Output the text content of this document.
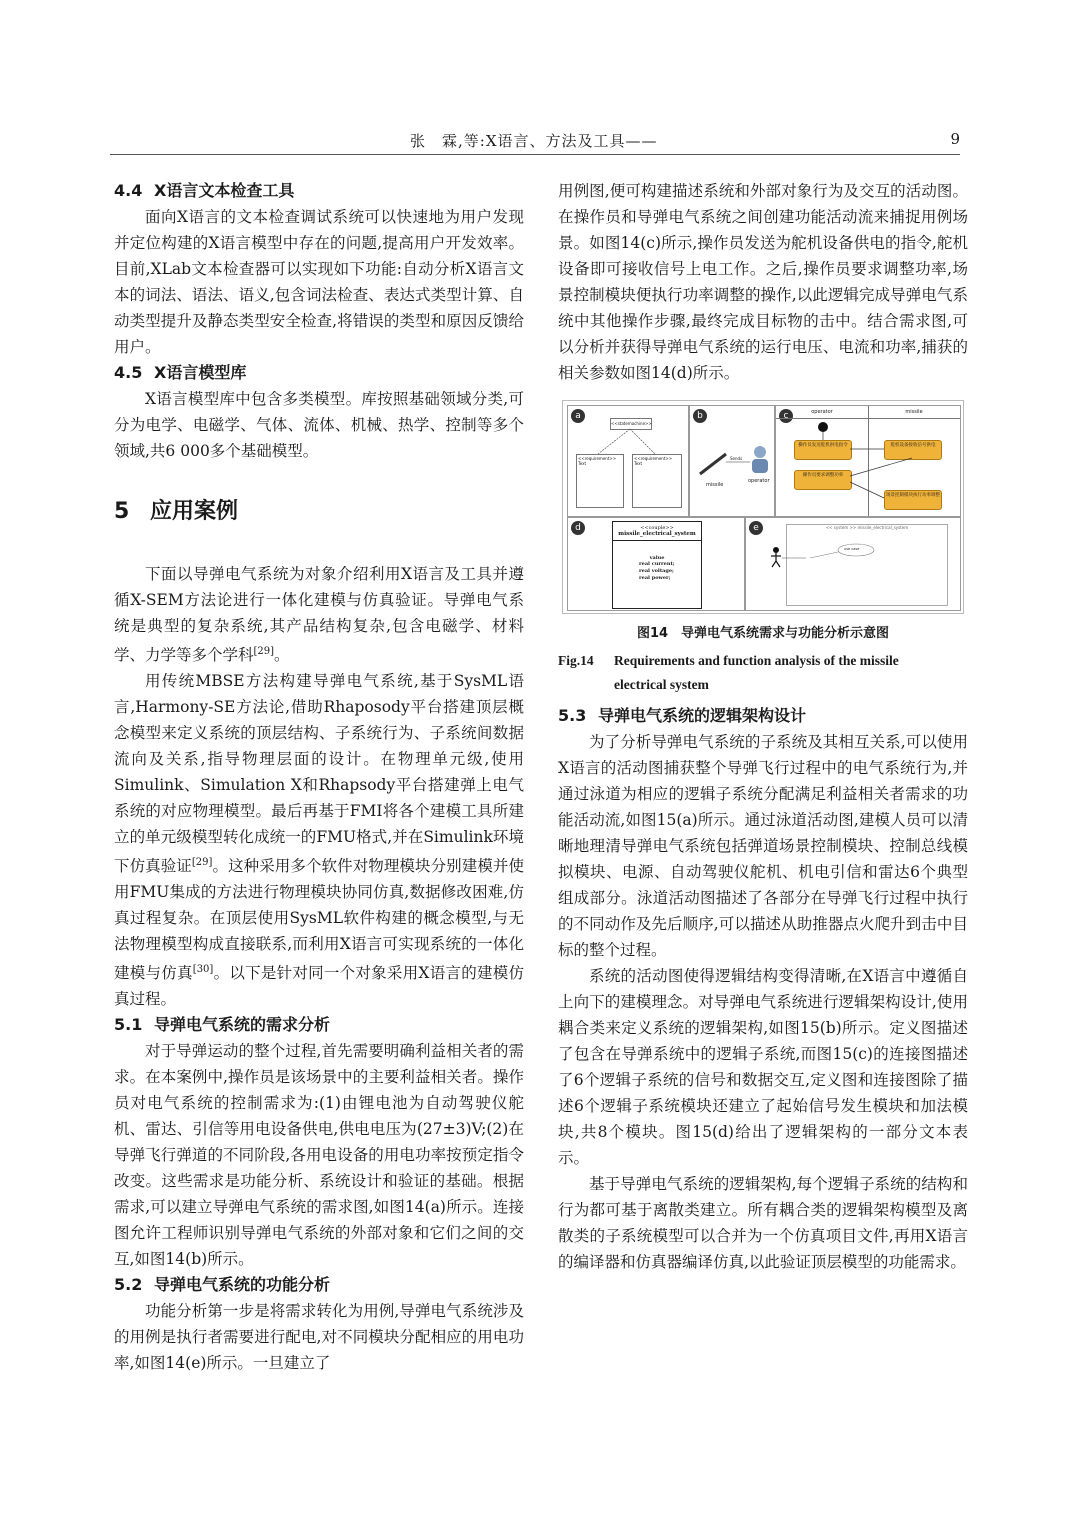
张　霖,等:X语言、方法及工具——	9

4.4 X语言文本检查工具

面向X语言的文本检查调试系统可以快速地为用户发现并定位构建的X语言模型中存在的问题,提高用户开发效率。目前,XLab文本检查器可以实现如下功能:自动分析X语言文本的词法、语法、语义,包含词法检查、表达式类型计算、自动类型提升及静态类型安全检查,将错误的类型和原因反馈给用户。

4.5 X语言模型库

X语言模型库中包含多类模型。库按照基础领域分类,可分为电学、电磁学、气体、流体、机械、热学、控制等多个领域,共6 000多个基础模型。

5 应用案例

下面以导弹电气系统为对象介绍利用X语言及工具并遵循X-SEM方法论进行一体化建模与仿真验证。导弹电气系统是典型的复杂系统,其产品结构复杂,包含电磁学、材料学、力学等多个学科[29]。

用传统MBSE方法构建导弹电气系统,基于SysML语言,Harmony-SE方法论,借助Rhaposody平台搭建顶层概念模型来定义系统的顶层结构、子系统行为、子系统间数据流向及关系,指导物理层面的设计。在物理单元级,使用Simulink、Simulation X和Rhapsody平台搭建弹上电气系统的对应物理模型。最后再基于FMI将各个建模工具所建立的单元级模型转化成统一的FMU格式,并在Simulink环境下仿真验证[29]。这种采用多个软件对物理模块分别建模并使用FMU集成的方法进行物理模块协同仿真,数据修改困难,仿真过程复杂。在顶层使用SysML软件构建的概念模型,与无法物理模型构成直接联系,而利用X语言可实现系统的一体化建模与仿真[30]。以下是针对同一个对象采用X语言的建模仿真过程。

5.1 导弹电气系统的需求分析

对于导弹运动的整个过程,首先需要明确利益相关者的需求。在本案例中,操作员是该场景中的主要利益相关者。操作员对电气系统的控制需求为:(1)由锂电池为自动驾驶仪舵机、雷达、引信等用电设备供电,供电电压为(27±3)V;(2)在导弹飞行弹道的不同阶段,各用电设备的用电功率按预定指令改变。这些需求是功能分析、系统设计和验证的基础。根据需求,可以建立导弹电气系统的需求图,如图14(a)所示。连接图允许工程师识别导弹电气系统的外部对象和它们之间的交互,如图14(b)所示。

5.2 导弹电气系统的功能分析

功能分析第一步是将需求转化为用例,导弹电气系统涉及的用例是执行者需要进行配电,对不同模块分配相应的用电功率,如图14(e)所示。一旦建立了

用例图,便可构建描述系统和外部对象行为及交互的活动图。在操作员和导弹电气系统之间创建功能活动流来捕捉用例场景。如图14(c)所示,操作员发送为舵机设备供电的指令,舵机设备即可接收信号上电工作。之后,操作员要求调整功率,场景控制模块便执行功率调整的操作,以此逻辑完成导弹电气系统中其他操作步骤,最终完成目标物的击中。结合需求图,可以分析并获得导弹电气系统的运行电压、电流和功率,捕获的相关参数如图14(d)所示。

a
<<statemachine>>
<<requirement>>
Text
<<requirement>>
Text
b
missile
operator
Sends
c	operator	missile
操作员发送舵机供电指令	舵机设备接收信号供电
操作员要求调整功率
场景控制模块执行功率调整
d	<<couple>>
missile_electrical_system
value
real current;
real voltage;
real power;
e	<< system >> missile_electrical_system
use case

图14　 导弹电气系统需求与功能分析示意图

Fig.14 Requirements and function analysis of the missile
electrical system

5.3 导弹电气系统的逻辑架构设计

为了分析导弹电气系统的子系统及其相互关系,可以使用X语言的活动图捕获整个导弹飞行过程中的电气系统行为,并通过泳道为相应的逻辑子系统分配满足利益相关者需求的功能活动流,如图15(a)所示。通过泳道活动图,建模人员可以清晰地理清导弹电气系统包括弹道场景控制模块、控制总线模拟模块、电源、自动驾驶仪舵机、机电引信和雷达6个典型组成部分。泳道活动图描述了各部分在导弹飞行过程中执行的不同动作及先后顺序,可以描述从助推器点火爬升到击中目标的整个过程。

系统的活动图使得逻辑结构变得清晰,在X语言中遵循自上向下的建模理念。对导弹电气系统进行逻辑架构设计,使用耦合类来定义系统的逻辑架构,如图15(b)所示。定义图描述了包含在导弹系统中的逻辑子系统,而图15(c)的连接图描述了6个逻辑子系统的信号和数据交互,定义图和连接图除了描述6个逻辑子系统模块还建立了起始信号发生模块和加法模块,共8个模块。图15(d)给出了逻辑架构的一部分文本表示。

基于导弹电气系统的逻辑架构,每个逻辑子系统的结构和行为都可基于离散类建立。所有耦合类的逻辑架构模型及离散类的子系统模型可以合并为一个仿真项目文件,再用X语言的编译器和仿真器编译仿真,以此验证顶层模型的功能需求。
